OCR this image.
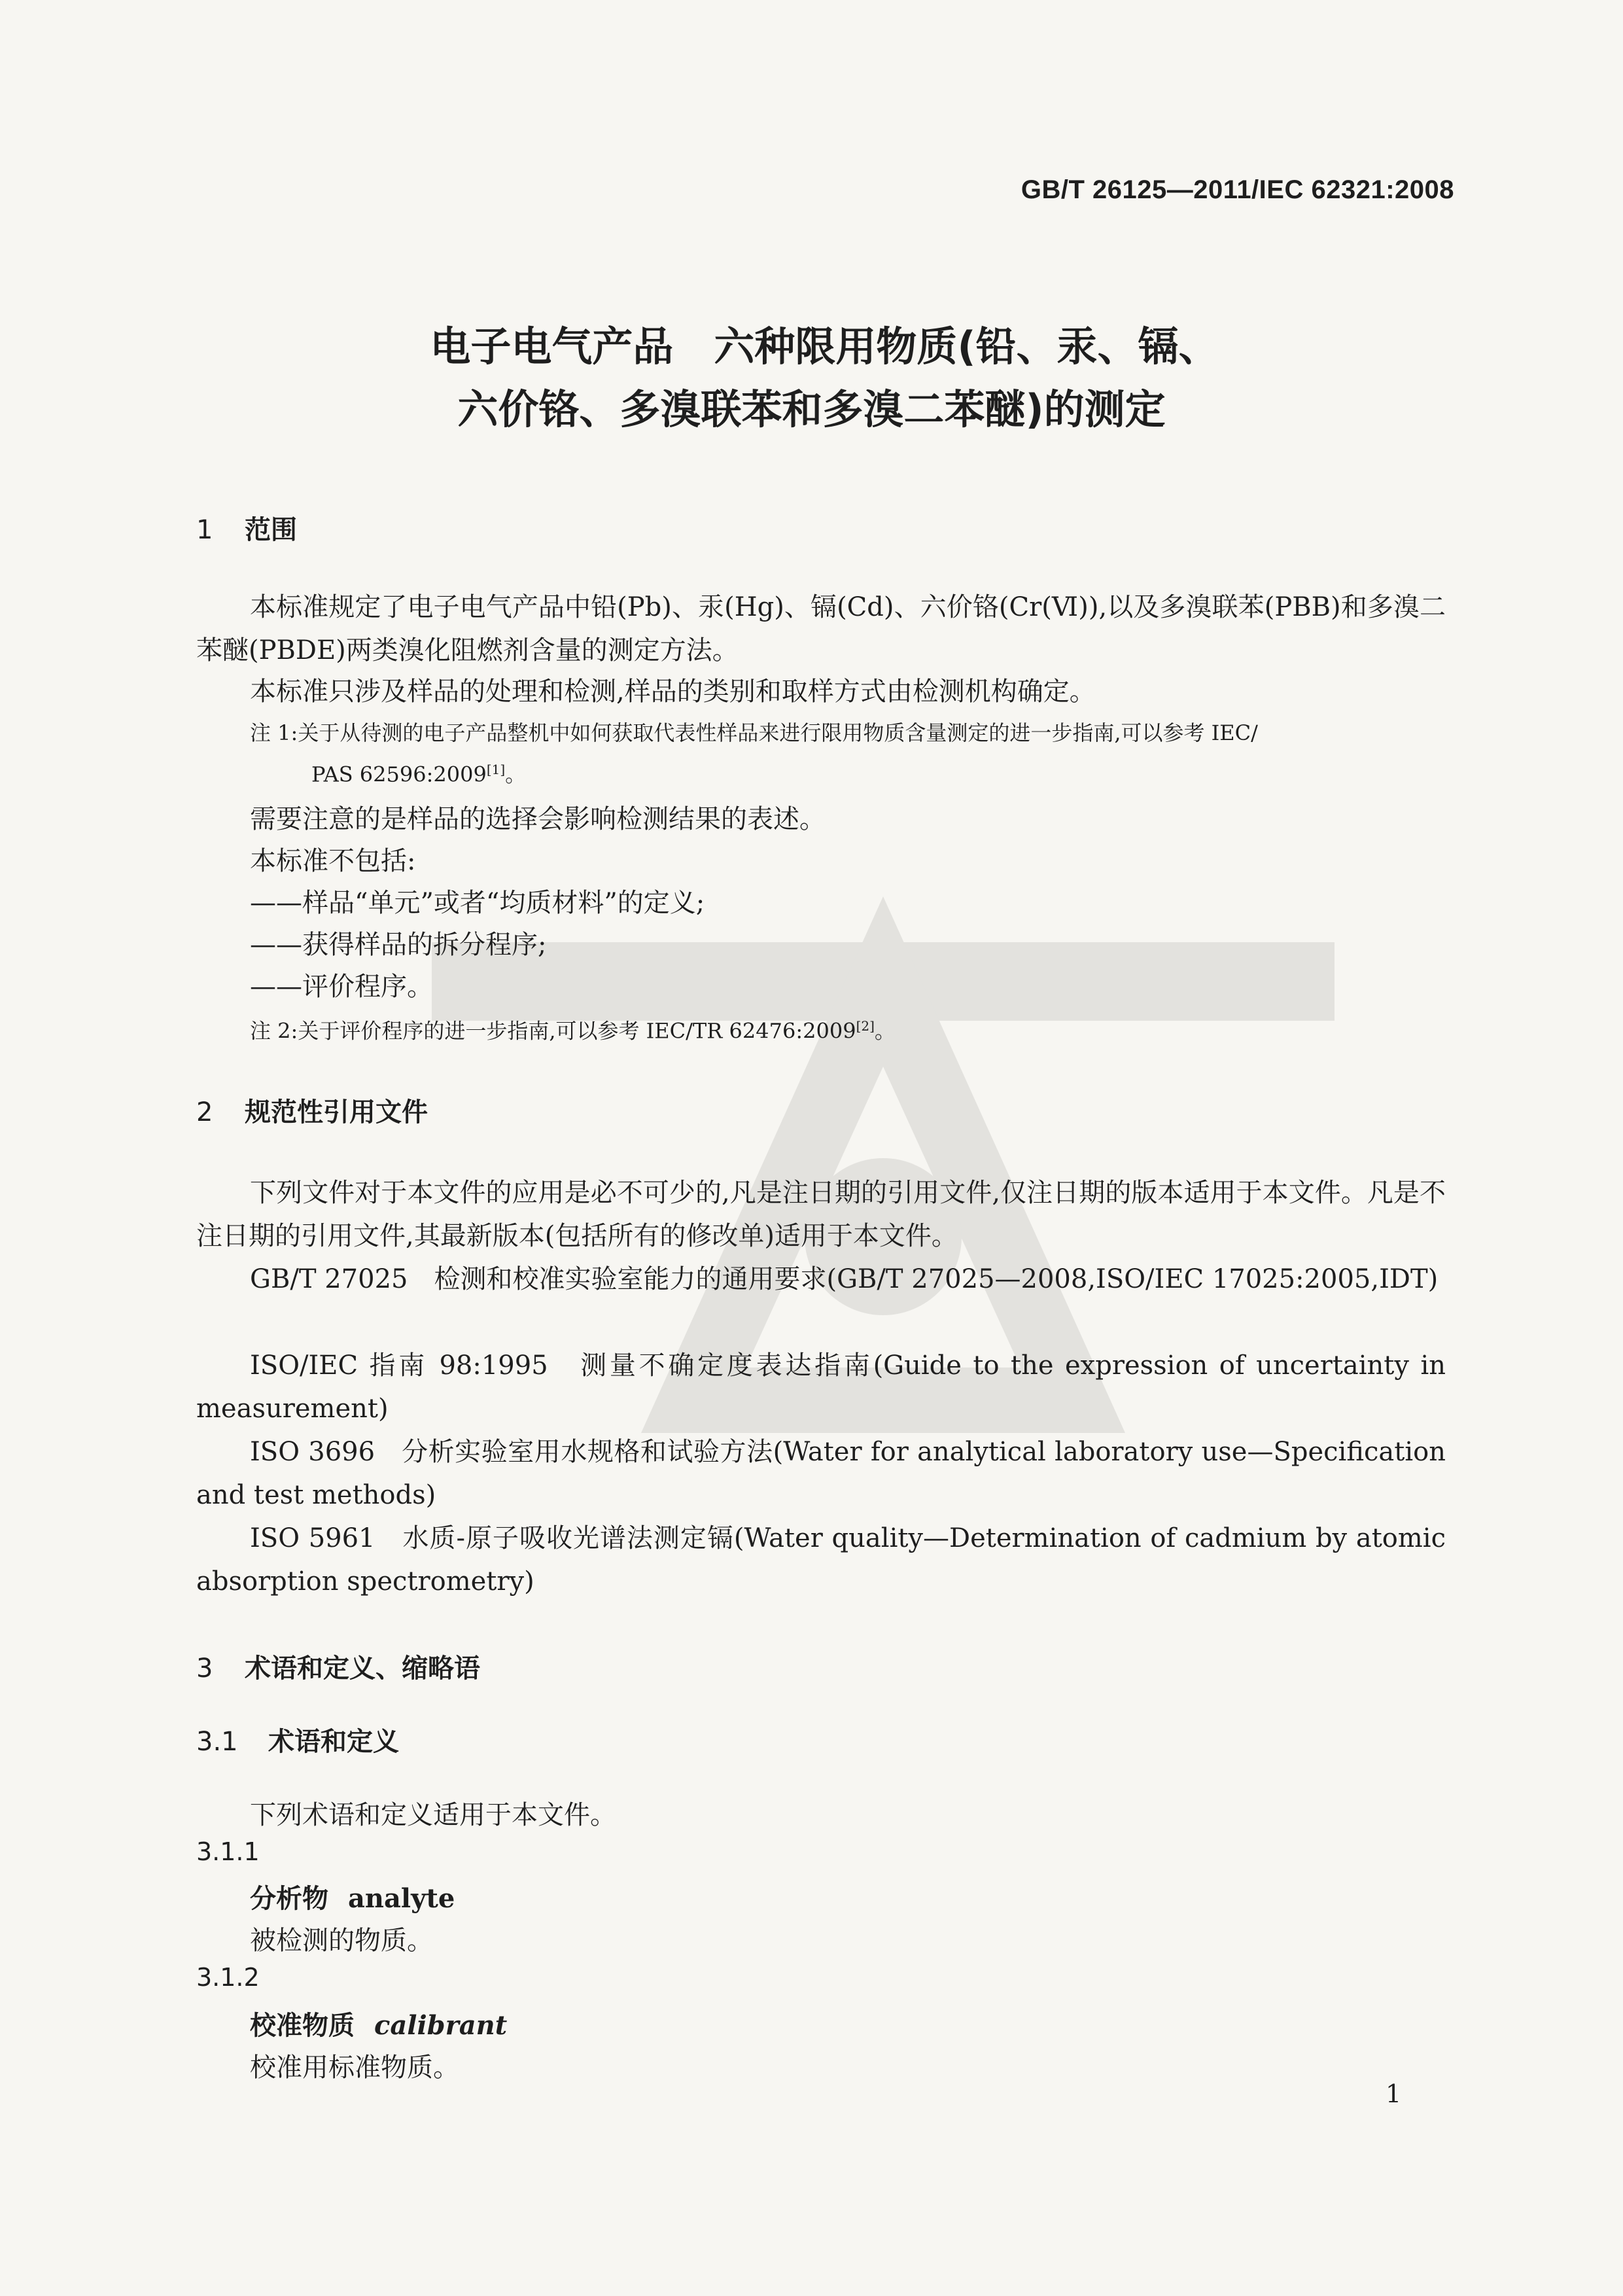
GB/T 26125—2011/IEC 62321:2008
电子电气产品　六种限用物质(铅、汞、镉、
六价铬、多溴联苯和多溴二苯醚)的测定
1 范围
本标准规定了电子电气产品中铅(Pb)、汞(Hg)、镉(Cd)、六价铬(Cr(Ⅵ)),以及多溴联苯(PBB)和多溴二苯醚(PBDE)两类溴化阻燃剂含量的测定方法。
本标准只涉及样品的处理和检测,样品的类别和取样方式由检测机构确定。
注 1:关于从待测的电子产品整机中如何获取代表性样品来进行限用物质含量测定的进一步指南,可以参考 IEC/
PAS 62596:2009[1]。
需要注意的是样品的选择会影响检测结果的表述。
本标准不包括:
——样品“单元”或者“均质材料”的定义;
——获得样品的拆分程序;
——评价程序。
注 2:关于评价程序的进一步指南,可以参考 IEC/TR 62476:2009[2]。
2 规范性引用文件
下列文件对于本文件的应用是必不可少的,凡是注日期的引用文件,仅注日期的版本适用于本文件。凡是不注日期的引用文件,其最新版本(包括所有的修改单)适用于本文件。
GB/T 27025　检测和校准实验室能力的通用要求(GB/T 27025—2008,ISO/IEC 17025:2005,IDT)
ISO/IEC 指南 98:1995　测量不确定度表达指南(Guide to the expression of uncertainty in measurement)
ISO 3696　分析实验室用水规格和试验方法(Water for analytical laboratory use—Specification and test methods)
ISO 5961　水质-原子吸收光谱法测定镉(Water quality—Determination of cadmium by atomic absorption spectrometry)
3 术语和定义、缩略语
3.1 术语和定义
下列术语和定义适用于本文件。
3.1.1
分析物 analyte
被检测的物质。
3.1.2
校准物质 calibrant
校准用标准物质。
1
